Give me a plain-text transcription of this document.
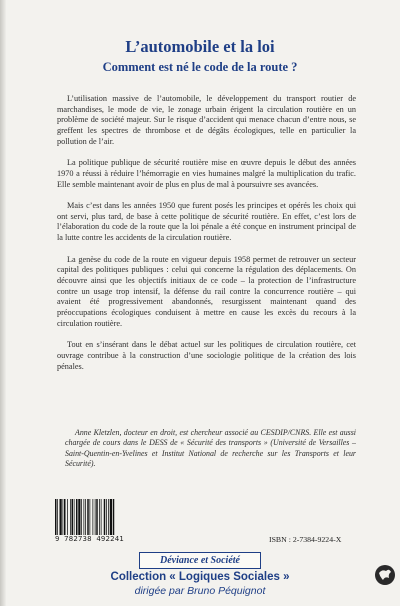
L’automobile et la loi
Comment est né le code de la route ?

L’utilisation massive de l’automobile, le développement du transport routier de marchandises, le mode de vie, le zonage urbain érigent la circulation routière en un problème de société majeur. Sur le risque d’accident qui menace chacun d’entre nous, se greffent les spectres de thrombose et de dégâts écologiques, telle en particulier la pollution de l’air.

La politique publique de sécurité routière mise en œuvre depuis le début des années 1970 a réussi à réduire l’hémorragie en vies humaines malgré la multiplication du trafic. Elle semble maintenant avoir de plus en plus de mal à poursuivre ses avancées.

Mais c’est dans les années 1950 que furent posés les principes et opérés les choix qui ont servi, plus tard, de base à cette politique de sécurité routière. En effet, c’est lors de l’élaboration du code de la route que la loi pénale a été conçue en instrument principal de la lutte contre les accidents de la circulation routière.

La genèse du code de la route en vigueur depuis 1958 permet de retrouver un secteur capital des politiques publiques : celui qui concerne la régulation des déplacements. On découvre ainsi que les objectifs initiaux de ce code – la protection de l’infrastructure contre un usage trop intensif, la défense du rail contre la concurrence routière – qui avaient été progressivement abandonnés, resurgissent maintenant quand des préoccupations écologiques conduisent à mettre en cause les excès du recours à la circulation routière.

Tout en s’insérant dans le débat actuel sur les politiques de circulation routière, cet ouvrage contribue à la construction d’une sociologie politique de la création des lois pénales.

Anne Kletzlen, docteur en droit, est chercheur associé au CESDIP/CNRS. Elle est aussi chargée de cours dans le DESS de « Sécurité des transports » (Université de Versailles – Saint-Quentin-en-Yvelines et Institut National de recherche sur les Transports et leur Sécurité).
9 782738 492241	ISBN : 2-7384-9224-X
Déviance et Société
Collection « Logiques Sociales »
dirigée par Bruno Péquignot
